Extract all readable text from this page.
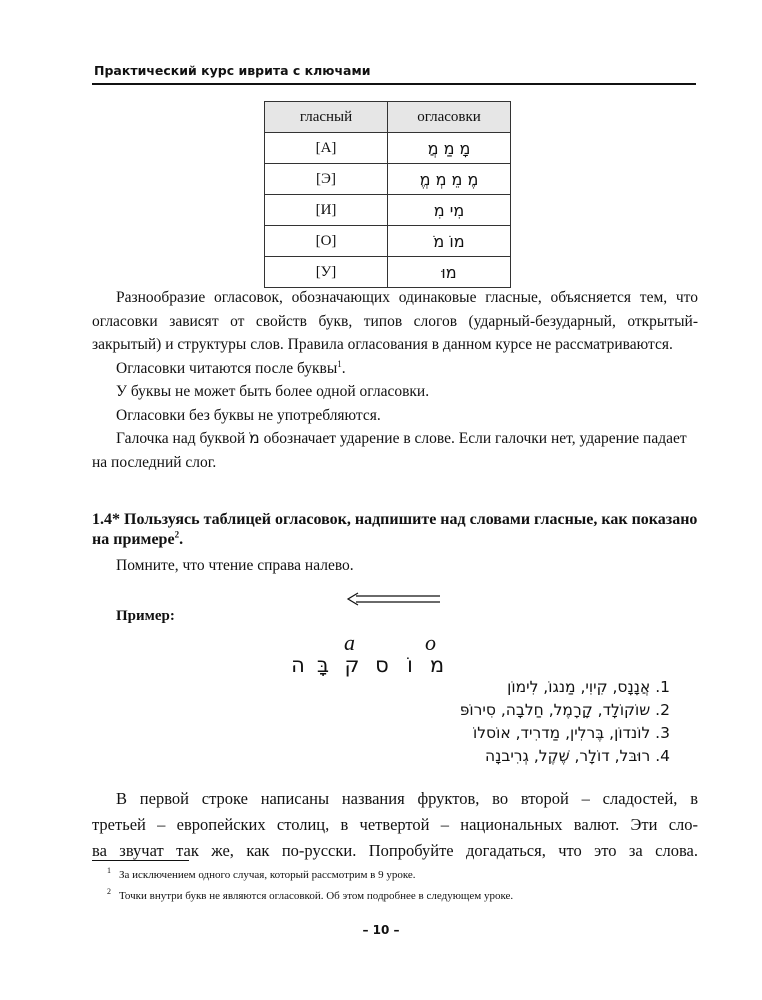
Практический курс иврита с ключами
гласный	огласовки
[А]	מָ מַ מֲ
[Э]	מֶ מֵ מְ מֱ
[И]	מִי מִ
[О]	מוֹ מֹ
[У]	מוּ

Разнообразие огласовок, обозначающих одинаковые гласные, объясняется тем, что огласовки зависят от свойств букв, типов слогов (ударный-безударный, открытый-закрытый) и структуры слов. Правила огласования в данном курсе не рассматриваются.

Огласовки читаются после буквы$^1$.

У буквы не может быть более одной огласовки.

Огласовки без буквы не употребляются.

Галочка над буквой מֹ обозначает ударение в слове. Если галочки нет, ударение падает на последний слог.

1.4* Пользуясь таблицей огласовок, надпишите над словами гласные, как показано на примере$^2$.
Помните, что чтение справа налево.
Пример:
a	o
ה בָּ ק ס וֹ מ
1. אֲנָנָס, קִיוִי, מַנגוֹ, לִימוֹן
2. שוֹקוֹלָד, קָרָמֶל, חַלבָה, סִירוֹפּ
3. לוֹנדוֹן, בֶּרלִין, מַדרִיד, אוֹסלוֹ
4. רוּבּל, דוֹלָר, שֶׁקֶל, גְרִיבנָה

В первой строке написаны названия фруктов, во второй – сладостей, в

третьей – европейских столиц, в четвертой – национальных валют. Эти сло-

ва звучат так же, как по-русски. Попробуйте догадаться, что это за слова.

$^1$ За исключением одного случая, который рассмотрим в 9 уроке.
$^2$ Точки внутри букв не являются огласовкой. Об этом подробнее в следующем уроке.
– 10 –
